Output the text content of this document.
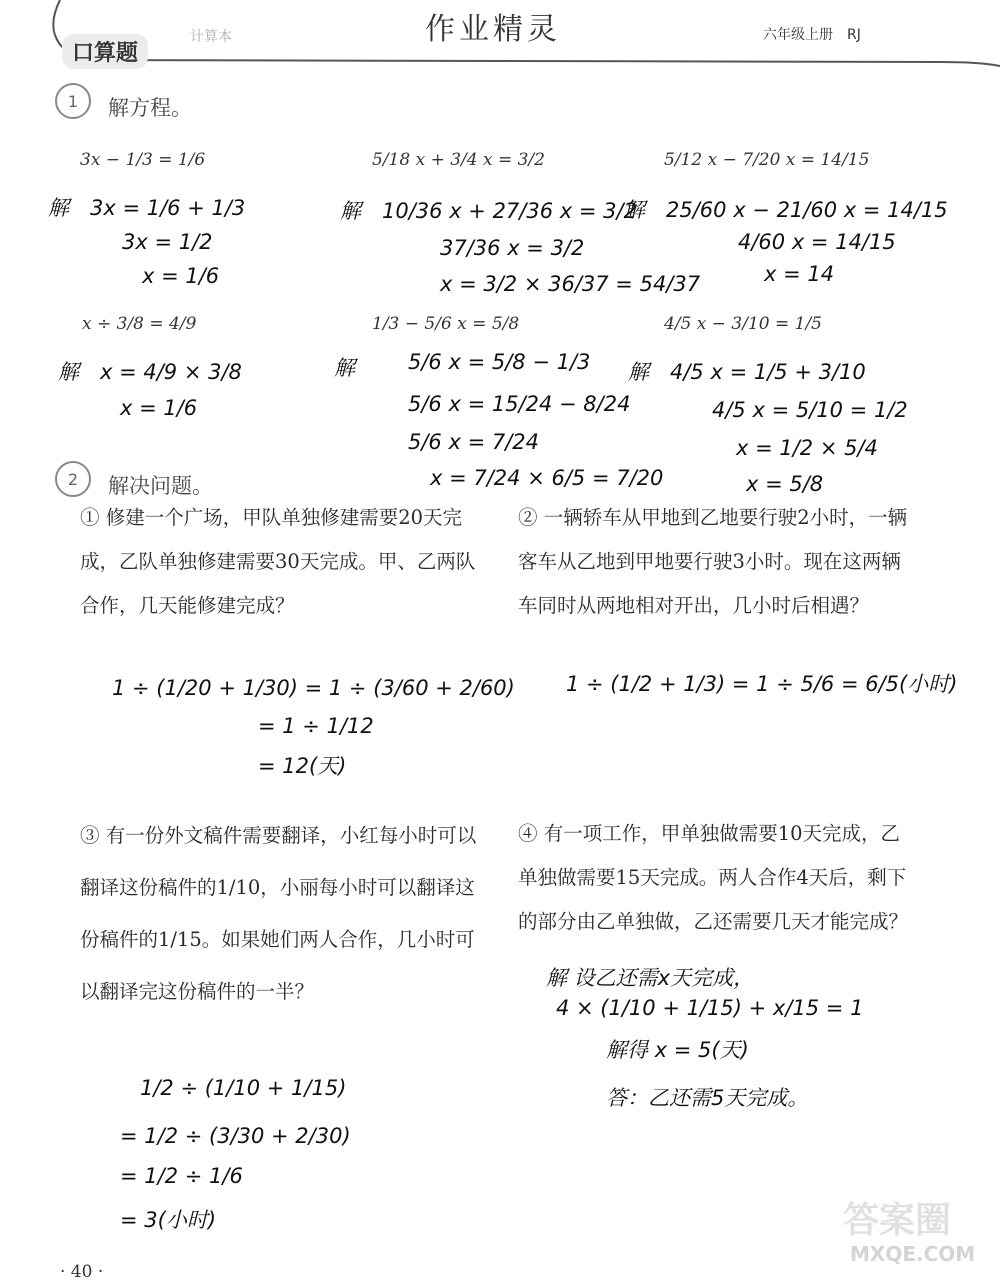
口算题
计算本	作业精灵	六年级上册　RJ
1 解方程。
3x − 1/3 = 1/6
解　3x = 1/6 + 1/3
3x = 1/2
x = 1/6
5/18 x + 3/4 x = 3/2
解　10/36 x + 27/36 x = 3/2
37/36 x = 3/2
x = 3/2 × 36/37 = 54/37
5/12 x − 7/20 x = 14/15
解　25/60 x − 21/60 x = 14/15
4/60 x = 14/15
x = 14
x ÷ 3/8 = 4/9
解　x = 4/9 × 3/8
x = 1/6
1/3 − 5/6 x = 5/8
解	5/6 x = 5/8 − 1/3
5/6 x = 15/24 − 8/24
5/6 x = 7/24
x = 7/24 × 6/5 = 7/20
4/5 x − 3/10 = 1/5
解　4/5 x = 1/5 + 3/10
4/5 x = 5/10 = 1/2
x = 1/2 × 5/4
x = 5/8
2 解决问题。
① 修建一个广场，甲队单独修建需要20天完成，乙队单独修建需要30天完成。甲、乙两队合作，几天能修建完成？
1 ÷ (1/20 + 1/30) = 1 ÷ (3/60 + 2/60)
= 1 ÷ 1/12
= 12(天)
② 一辆轿车从甲地到乙地要行驶2小时，一辆客车从乙地到甲地要行驶3小时。现在这两辆车同时从两地相对开出，几小时后相遇？
1 ÷ (1/2 + 1/3) = 1 ÷ 5/6 = 6/5(小时)
③ 有一份外文稿件需要翻译，小红每小时可以翻译这份稿件的1/10，小丽每小时可以翻译这份稿件的1/15。如果她们两人合作，几小时可以翻译完这份稿件的一半？
1/2 ÷ (1/10 + 1/15)
= 1/2 ÷ (3/30 + 2/30)
= 1/2 ÷ 1/6
= 3(小时)
④ 有一项工作，甲单独做需要10天完成，乙单独做需要15天完成。两人合作4天后，剩下的部分由乙单独做，乙还需要几天才能完成？
解 设乙还需x天完成，
4 × (1/10 + 1/15) + x/15 = 1
解得 x = 5(天)
答：乙还需5天完成。
· 40 ·
答案圈
MXQE.COM
